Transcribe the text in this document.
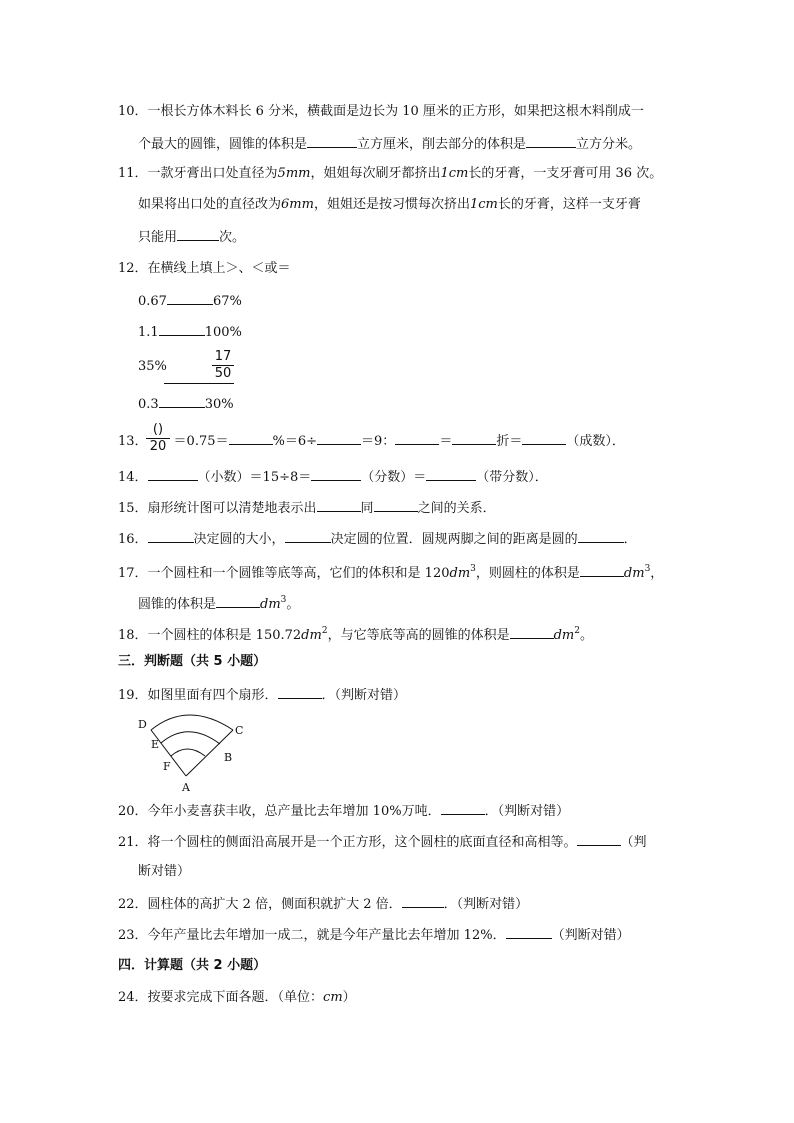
10．一根长方体木料长 6 分米，横截面是边长为 10 厘米的正方形，如果把这根木料削成一
个最大的圆锥，圆锥的体积是	立方厘米，削去部分的体积是	立方分米。
11．一款牙膏出口处直径为5mm，姐姐每次刷牙都挤出1cm长的牙膏，一支牙膏可用 36 次。
如果将出口处的直径改为6mm，姐姐还是按习惯每次挤出1cm长的牙膏，这样一支牙膏
只能用	次。
12．在横线上填上＞、＜或＝
0.67	67%
1.1	100%
35%
17
50
0.3	30%
13． ＝0.75＝	%＝6÷	＝9：	＝	折＝	（成数）．
()
20
14．	（小数）＝15÷8＝	（分数）＝	（带分数）．
15．扇形统计图可以清楚地表示出	同	之间的关系．
16．	决定圆的大小，	决定圆的位置．圆规两脚之间的距离是圆的	．
17．一个圆柱和一个圆锥等底等高，它们的体积和是 $120dm^3$，则圆柱的体积是	$dm^3$，
圆锥的体积是	$dm^3$。
18．一个圆柱的体积是 $150.72dm^2$，与它等底等高的圆锥的体积是	$dm^2$。
三．判断题（共 5 小题）
19．如图里面有四个扇形．	．（判断对错）
D	C
E
B
F
A
20．今年小麦喜获丰收，总产量比去年增加 10%万吨．	．（判断对错）
21．将一个圆柱的侧面沿高展开是一个正方形，这个圆柱的底面直径和高相等。	（判
断对错）
22．圆柱体的高扩大 2 倍，侧面积就扩大 2 倍．	．（判断对错）
23．今年产量比去年增加一成二，就是今年产量比去年增加 12%．	（判断对错）
四．计算题（共 2 小题）
24．按要求完成下面各题．（单位：cm）
